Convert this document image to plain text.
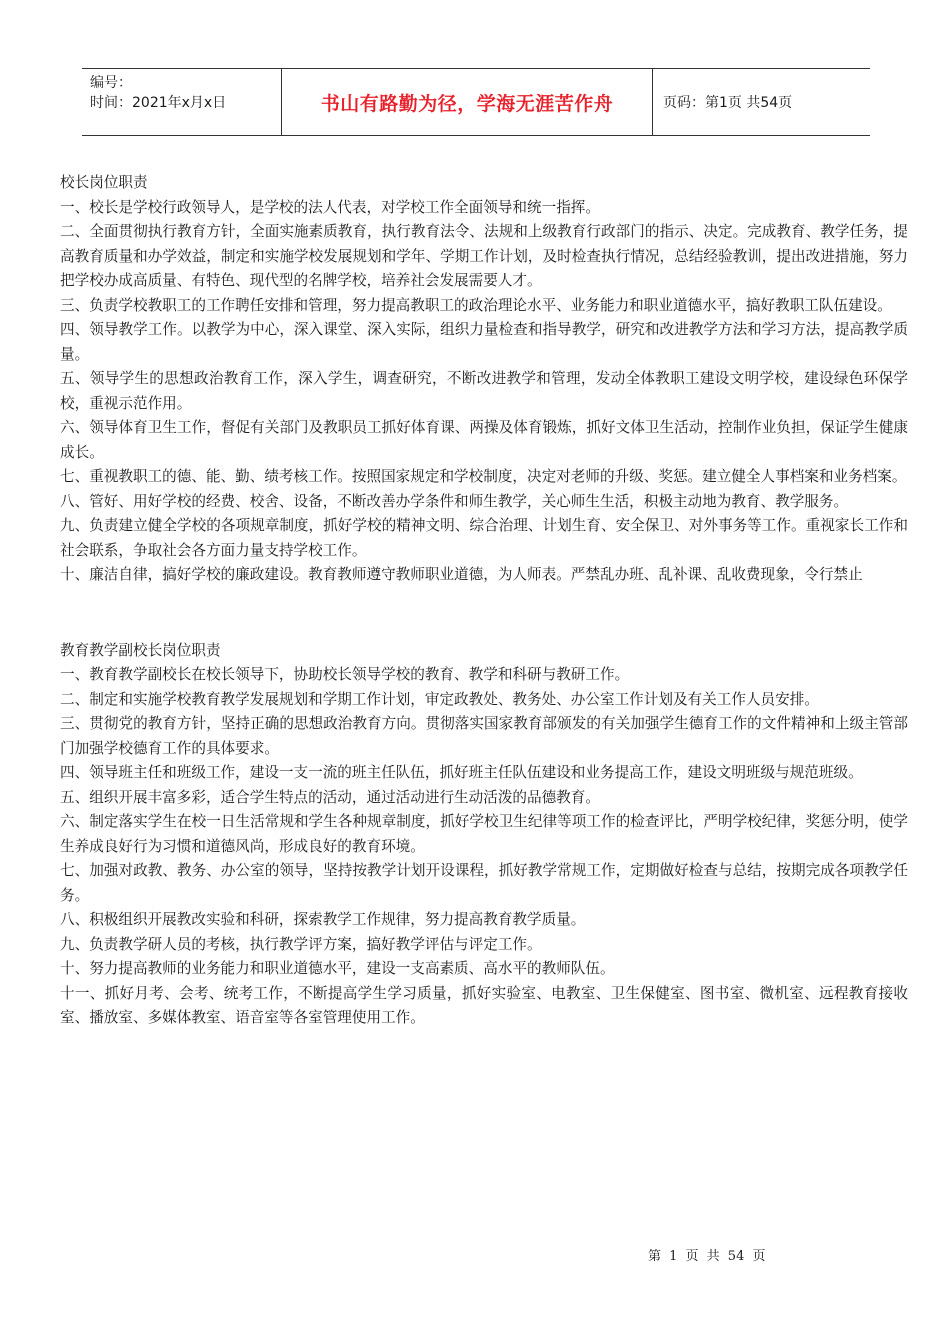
编号：
时间：2021年x月x日	书山有路勤为径，学海无涯苦作舟	页码：第1页 共54页
校长岗位职责
一、校长是学校行政领导人，是学校的法人代表，对学校工作全面领导和统一指挥。
二、全面贯彻执行教育方针，全面实施素质教育，执行教育法令、法规和上级教育行政部门的指示、决定。完成教育、教学任务，提高教育质量和办学效益，制定和实施学校发展规划和学年、学期工作计划，及时检查执行情况，总结经验教训，提出改进措施，努力把学校办成高质量、有特色、现代型的名牌学校，培养社会发展需要人才。
三、负责学校教职工的工作聘任安排和管理，努力提高教职工的政治理论水平、业务能力和职业道德水平，搞好教职工队伍建设。
四、领导教学工作。以教学为中心，深入课堂、深入实际，组织力量检查和指导教学，研究和改进教学方法和学习方法，提高教学质量。
五、领导学生的思想政治教育工作，深入学生，调查研究，不断改进教学和管理，发动全体教职工建设文明学校，建设绿色环保学校，重视示范作用。
六、领导体育卫生工作，督促有关部门及教职员工抓好体育课、两操及体育锻炼，抓好文体卫生活动，控制作业负担，保证学生健康成长。
七、重视教职工的德、能、勤、绩考核工作。按照国家规定和学校制度，决定对老师的升级、奖惩。建立健全人事档案和业务档案。
八、管好、用好学校的经费、校舍、设备，不断改善办学条件和师生教学，关心师生生活，积极主动地为教育、教学服务。
九、负责建立健全学校的各项规章制度，抓好学校的精神文明、综合治理、计划生育、安全保卫、对外事务等工作。重视家长工作和社会联系，争取社会各方面力量支持学校工作。
十、廉洁自律，搞好学校的廉政建设。教育教师遵守教师职业道德，为人师表。严禁乱办班、乱补课、乱收费现象，令行禁止
教育教学副校长岗位职责
一、教育教学副校长在校长领导下，协助校长领导学校的教育、教学和科研与教研工作。
二、制定和实施学校教育教学发展规划和学期工作计划，审定政教处、教务处、办公室工作计划及有关工作人员安排。
三、贯彻党的教育方针，坚持正确的思想政治教育方向。贯彻落实国家教育部颁发的有关加强学生德育工作的文件精神和上级主管部门加强学校德育工作的具体要求。
四、领导班主任和班级工作，建设一支一流的班主任队伍，抓好班主任队伍建设和业务提高工作，建设文明班级与规范班级。
五、组织开展丰富多彩，适合学生特点的活动，通过活动进行生动活泼的品德教育。
六、制定落实学生在校一日生活常规和学生各种规章制度，抓好学校卫生纪律等项工作的检查评比，严明学校纪律，奖惩分明，使学生养成良好行为习惯和道德风尚，形成良好的教育环境。
七、加强对政教、教务、办公室的领导，坚持按教学计划开设课程，抓好教学常规工作，定期做好检查与总结，按期完成各项教学任务。
八、积极组织开展教改实验和科研，探索教学工作规律，努力提高教育教学质量。
九、负责教学研人员的考核，执行教学评方案，搞好教学评估与评定工作。
十、努力提高教师的业务能力和职业道德水平，建设一支高素质、高水平的教师队伍。
十一、抓好月考、会考、统考工作，不断提高学生学习质量，抓好实验室、电教室、卫生保健室、图书室、微机室、远程教育接收室、播放室、多媒体教室、语音室等各室管理使用工作。
第 1 页 共 54 页
